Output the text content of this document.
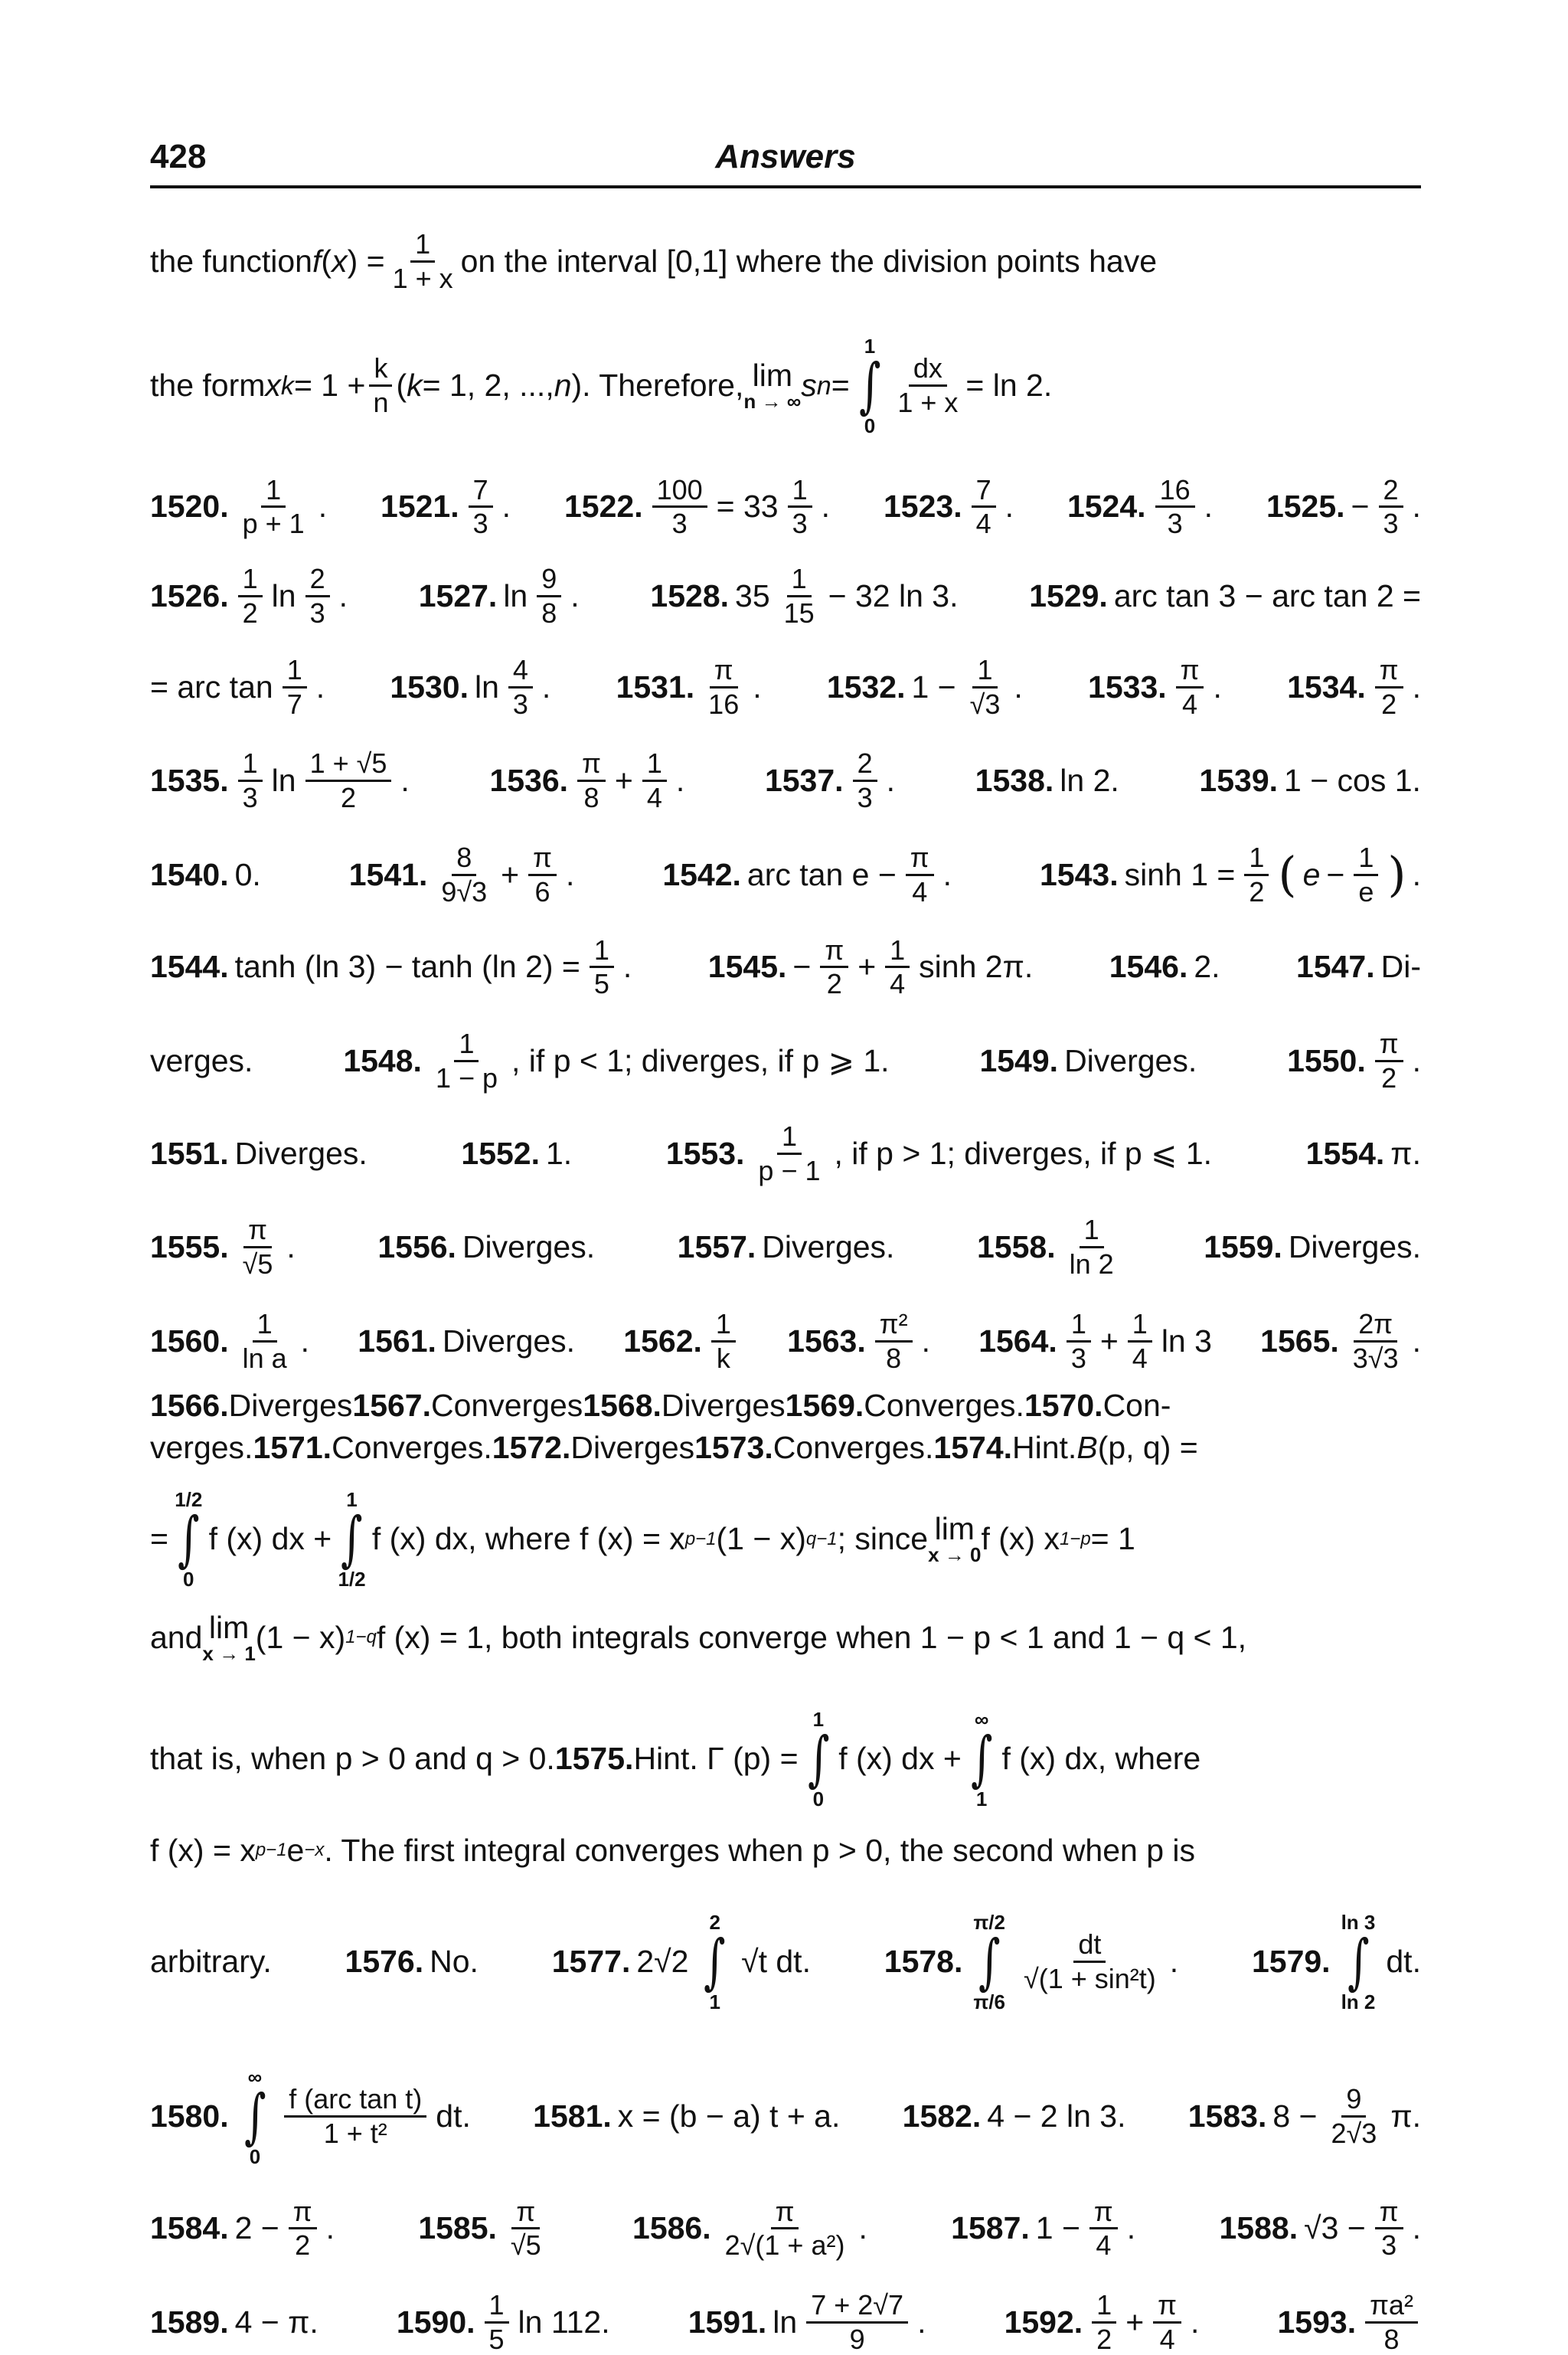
428	Answers
the function f ( x ) = $\frac{1}{1 + x}$ on the interval [0,1] where the division points have
the form x $k = 1 + \frac{k}{n}$ ( k = 1, 2, ..., n ). Therefore, lim
n → ∞ s n =
1
∫
0
$\frac{dx}{1 + x} = \ln 2$.
1520. $\frac{1}{p + 1}$ . 1521. $\frac{7}{3}$ . 1522. $\frac{100}{3} = 33 \frac{1}{3}$ . 1523. $\frac{7}{4}$ . 1524. $\frac{16}{3}$ . 1525. − $\frac{2}{3}$ .
1526. $\frac{1}{2}$ $\ln \frac{2}{3}$ . 1527. $\ln \frac{9}{8}$ . 1528. $35 \frac{1}{15} - 32$ ln 3. 1529. arc tan 3 − arc tan 2 =
= arc $\tan \frac{1}{7}$ . 1530. $\ln \frac{4}{3}$ . 1531. $\frac{\pi}{16}$ . 1532. $1 - \frac{1}{√3}$ . 1533. $\frac{\pi}{4}$ . 1534. $\frac{\pi}{2}$ .
1535. $\frac{1}{3}$ $\ln \frac{1 + √5}{2}$ .	1536. $\frac{\pi}{8} + \frac{1}{4}$ .	1537. $\frac{2}{3}$ .	1538. ln 2.	1539. 1 − cos 1.
1540. 0.	1541. $\frac{8}{9√3} + \frac{\pi}{6}$ .	1542. arc $\tan e - \frac{\pi}{4}$ .	1543. $\sinh 1 = \frac{1}{2}$ ( $e - \frac{1}{e}$ ) .
1544. tanh (ln 3) − tanh (ln $2) = \frac{1}{5}$ . 1545. − $\frac{\pi}{2} + \frac{1}{4}$ sinh 2π. 1546. 2. 1547. Di-
verges.	1548. $\frac{1}{1 - p}$ , if p < 1; diverges, if p ⩾ 1.	1549. Diverges.	1550. $\frac{\pi}{2}$ .
1551. Diverges.	1552. 1.	1553. $\frac{1}{p - 1}$ , if p > 1; diverges, if p ⩽ 1.	1554. π.
1555. $\frac{\pi}{√5}$ .	1556. Diverges.	1557. Diverges.	1558. $\frac{1}{\ln 2}$	1559. Diverges.
1560. $\frac{1}{\text{ln a}}$ . 1561. Diverges. 1562. $\frac{1}{k} 1563$. $\frac{\text{π²}}{8}$ . 1564. $\frac{1}{3} + \frac{1}{4}$ ln 3 1565. $\frac{2\pi}{3√3}$ .
1566. Diverges 1567. Converges 1568. Diverges 1569. Converges. 1570. Con-
verges. 1571. Converges. 1572. Diverges 1573. Converges. 1574. Hint. B (p, q) =
=
1/2
∫
0
f (x) dx +
1
∫
1/2
f (x) dx, where f (x) = x p−1 (1 − x) q−1 ; since lim
x → 0 f (x) x 1−p = 1
and lim
x → 1 (1 − x) 1−q f (x) = 1, both integrals converge when 1 − p < 1 and 1 − q < 1,
that is, when p > 0 and q > 0. 1575. Hint. Γ (p) =
1
∫
0
f (x) dx +
∞
∫
1
f (x) dx, where
f (x) = x p−1 e −x . The first integral converges when p > 0, the second when p is
arbitrary. 1576. No. 1577. 2√2
2
∫
1
√t dt. 1578.
π/2
∫
π/6
$\frac{dt}{\text{√(1 + sin²t)}}$ . 1579.
ln 3
∫
ln 2
dt.
1580.
∞
∫
0
$\frac{\text{f (arc tan t)}}{\text{1 + t²}}$ dt. 1581. x = (b − a) t + a. 1582. 4 − 2 ln 3. 1583. $8 - \frac{9}{2√3} \pi$.
1584. $2 - \frac{\pi}{2}$ .	1585. $\frac{\pi}{√5}$	1586. $\frac{\pi}{\text{2√(1 + a²)}}$ .	1587. $1 - \frac{\pi}{4}$ .	1588. $√3 - \frac{\pi}{3}$ .
1589. 4 − π. 1590. $\frac{1}{5}$ ln 112. 1591. $\ln \frac{7 + 2√7}{9}$ . 1592. $\frac{1}{2} + \frac{\pi}{4}$ . 1593. $\frac{\text{πa²}}{8}$
